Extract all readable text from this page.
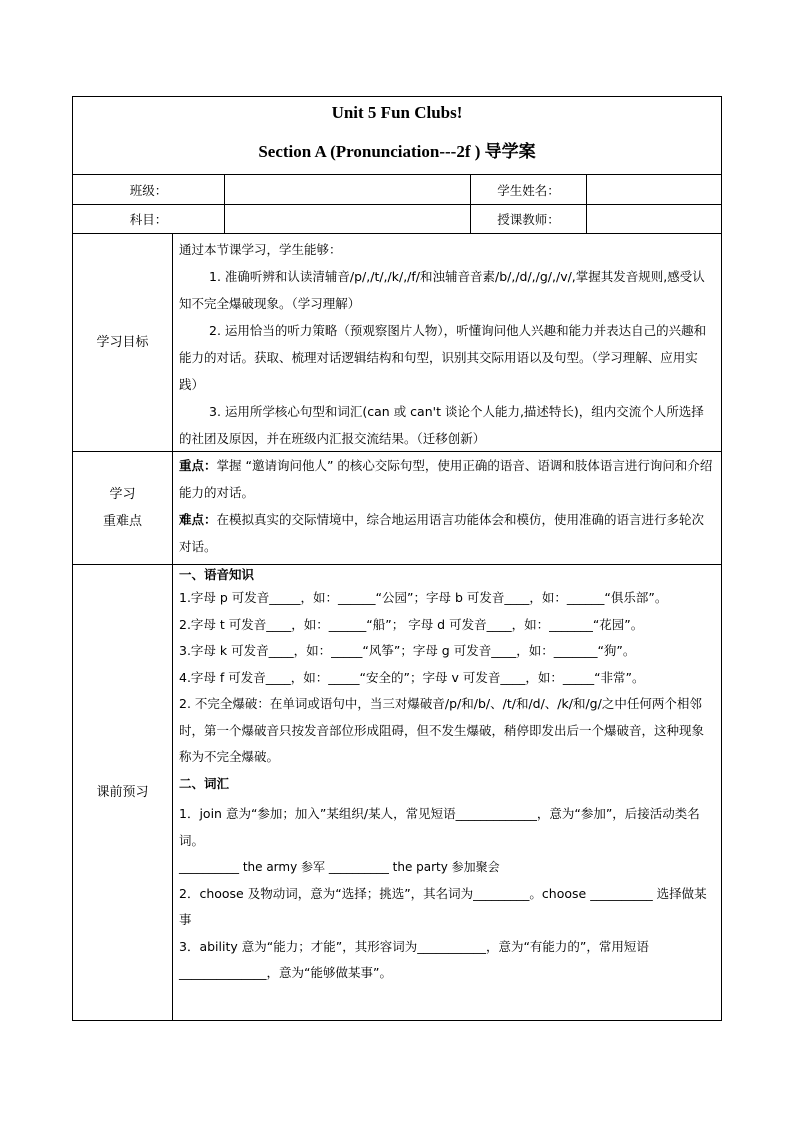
Unit 5 Fun Clubs!
Section A (Pronunciation---2f ) 导学案
班级：	学生姓名：
科目：	授课教师：
学习目标

通过本节课学习，学生能够：

1. 准确听辨和认读清辅音/p/,/t/,/k/,/f/和浊辅音音素/b/,/d/,/g/,/v/,掌握其发音规则,感受认知不完全爆破现象。（学习理解）

2. 运用恰当的听力策略（预观察图片人物），听懂询问他人兴趣和能力并表达自己的兴趣和能力的对话。获取、梳理对话逻辑结构和句型，识别其交际用语以及句型。（学习理解、应用实践）

3. 运用所学核心句型和词汇(can 或 can't 谈论个人能力,描述特长)，组内交流个人所选择的社团及原因，并在班级内汇报交流结果。（迁移创新）

学习
重难点

重点：掌握 “邀请询问他人” 的核心交际句型，使用正确的语音、语调和肢体语言进行询问和介绍能力的对话。

难点：在模拟真实的交际情境中，综合地运用语言功能体会和模仿，使用准确的语言进行多轮次对话。

课前预习

一、语音知识

1.字母 p 可发音_____，如：______“公园”；字母 b 可发音____，如：______“俱乐部”。

2.字母 t 可发音____，如：______“船”； 字母 d 可发音____，如：_______“花园”。

3.字母 k 可发音____，如：_____“风筝”；字母 g 可发音____，如：_______“狗”。

4.字母 f 可发音____，如：_____“安全的”；字母 v 可发音____，如：_____“非常”。

2. 不完全爆破：在单词或语句中，当三对爆破音/p/和/b/、/t/和/d/、/k/和/g/之中任何两个相邻时，第一个爆破音只按发音部位形成阻碍，但不发生爆破，稍停即发出后一个爆破音，这种现象称为不完全爆破。

二、词汇

1．join 意为“参加；加入”某组织/某人，常见短语_____________，意为“参加”，后接活动类名词。

__________ the army 参军 __________ the party 参加聚会

2．choose 及物动词，意为“选择；挑选”，其名词为_________。choose __________ 选择做某事

3．ability 意为“能力；才能”，其形容词为___________，意为“有能力的”，常用短语______________，意为“能够做某事”。
